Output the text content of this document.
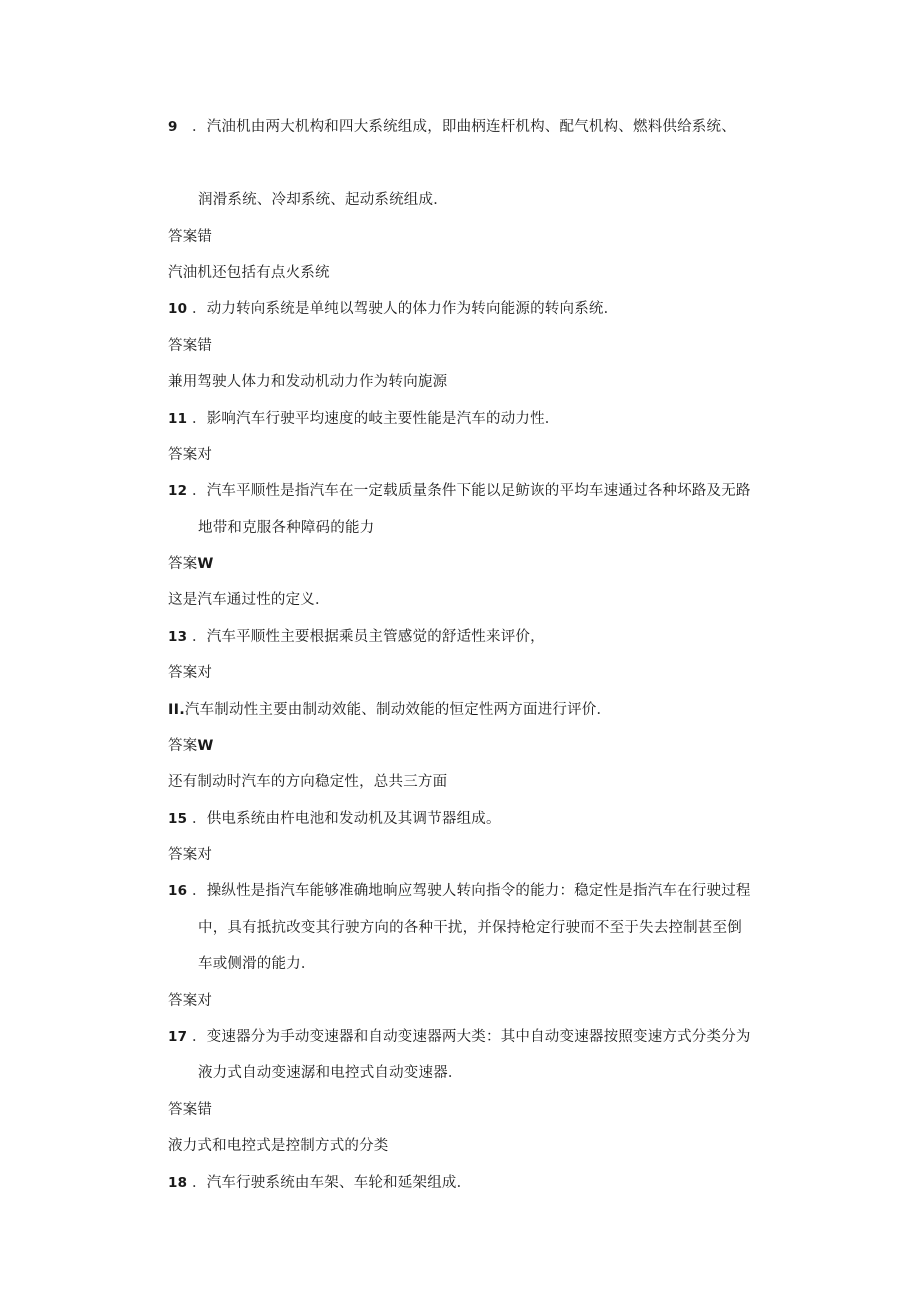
9 ．汽油机由两大机构和四大系统组成，即曲柄连杆机构、配气机构、燃料供给系统、
润滑系统、冷却系统、起动系统组成．
答案错
汽油机还包括有点火系统
10 ．动力转向系统是单纯以驾驶人的体力作为转向能源的转向系统．
答案错
兼用驾驶人体力和发动机动力作为转向旎源
11 ．影响汽车行驶平均速度的岐主要性能是汽车的动力性．
答案对
12 ．汽车平顺性是指汽车在一定载质量条件下能以足鲂诙的平均车速通过各种坏路及无路
地带和克服各种障码的能力
答案W
这是汽车通过性的定义．
13 ．汽车平顺性主要根据乘员主管感觉的舒适性来评价，
答案对
II.汽车制动性主要由制动效能、制动效能的恒定性两方面进行评价．
答案W
还有制动时汽车的方向稳定性，总共三方面
15 ．供电系统由杵电池和发动机及其调节器组成。
答案对
16 ．操纵性是指汽车能够准确地晌应驾驶人转向指令的能力：稳定性是指汽车在行驶过程
中，具有抵抗改变其行驶方向的各种干扰，并保持枪定行驶而不至于失去控制甚至倒
车或侧滑的能力．
答案对
17 ．变速器分为手动变速器和自动变速器两大类：其中自动变速器按照变速方式分类分为
液力式自动变速潺和电控式自动变速器．
答案错
液力式和电控式是控制方式的分类
18 ．汽车行驶系统由车架、车轮和延架组成．
